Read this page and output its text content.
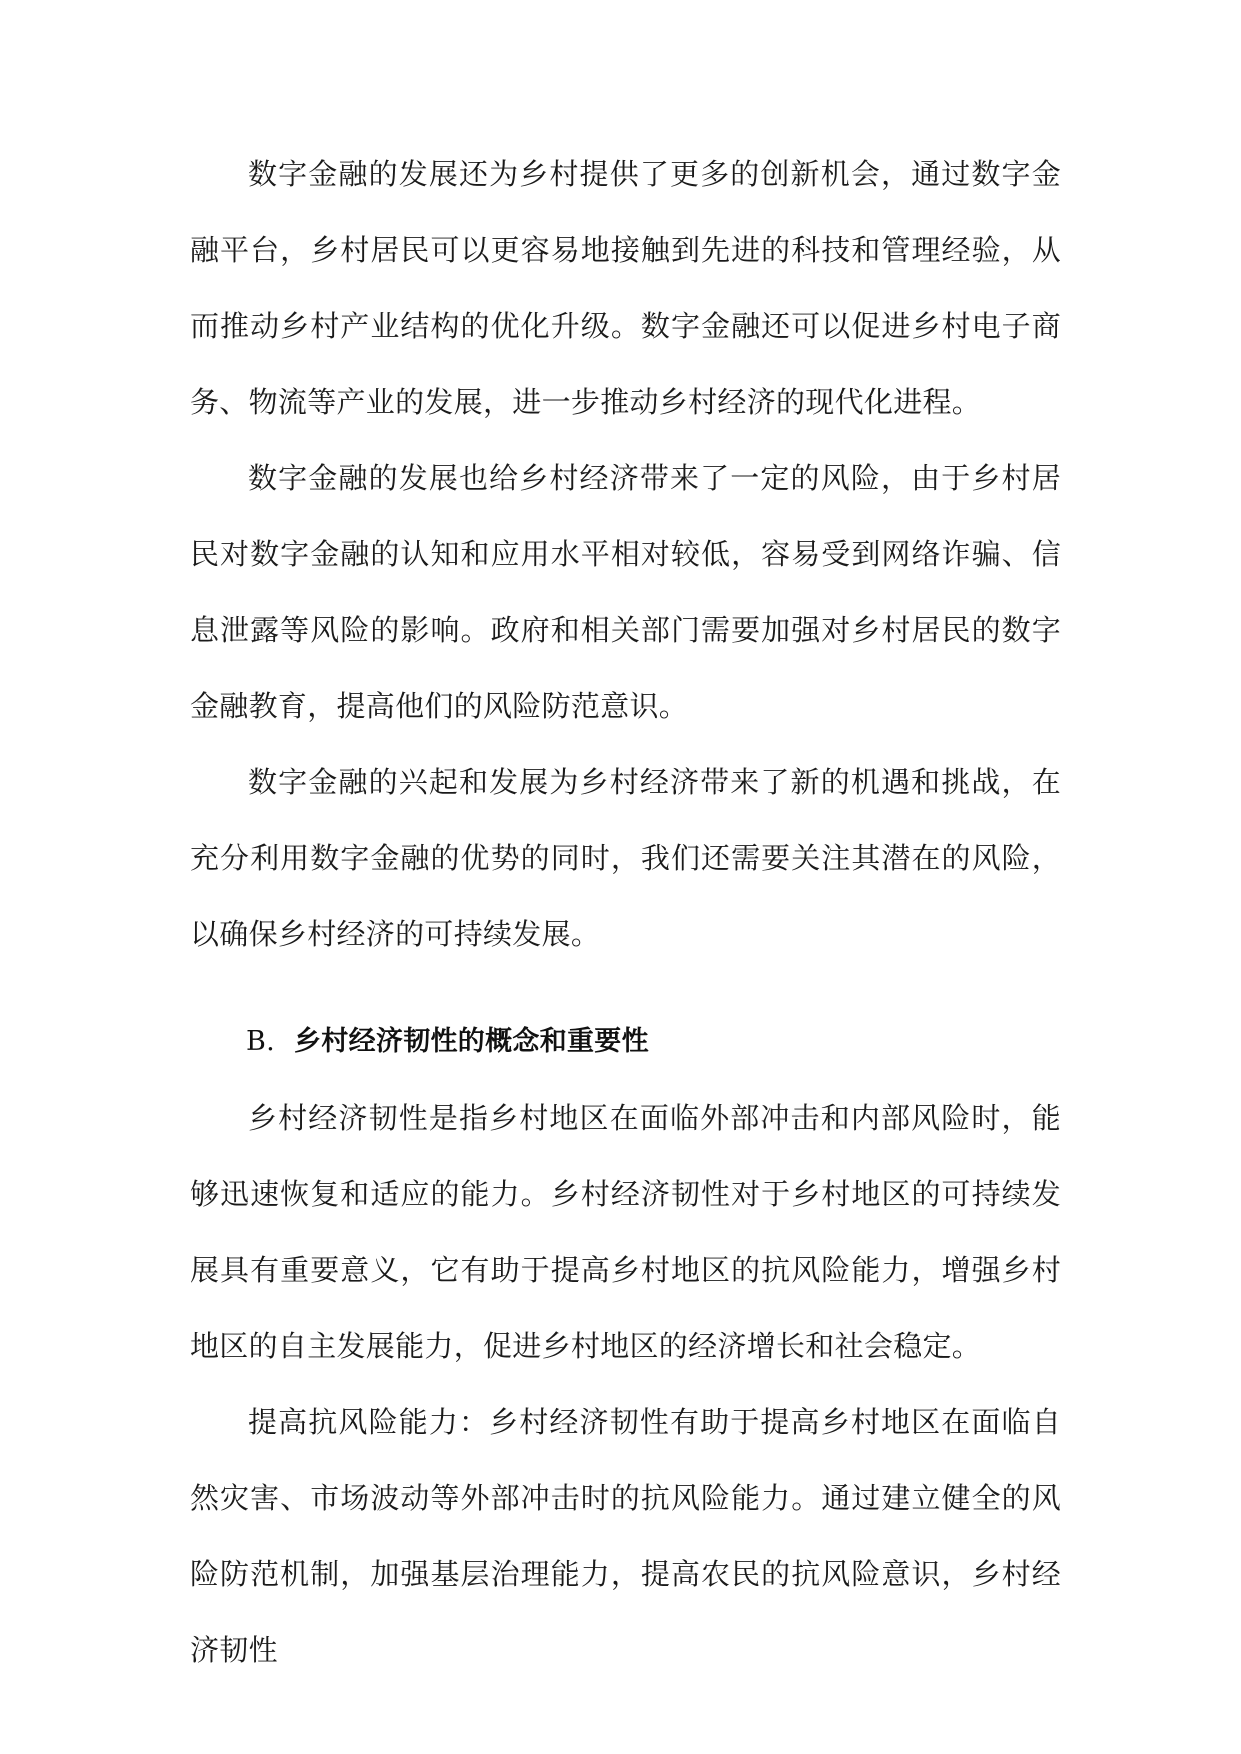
数字金融的发展还为乡村提供了更多的创新机会，通过数字金融平台，乡村居民可以更容易地接触到先进的科技和管理经验，从而推动乡村产业结构的优化升级。数字金融还可以促进乡村电子商务、物流等产业的发展，进一步推动乡村经济的现代化进程。

数字金融的发展也给乡村经济带来了一定的风险，由于乡村居民对数字金融的认知和应用水平相对较低，容易受到网络诈骗、信息泄露等风险的影响。政府和相关部门需要加强对乡村居民的数字金融教育，提高他们的风险防范意识。

数字金融的兴起和发展为乡村经济带来了新的机遇和挑战，在充分利用数字金融的优势的同时，我们还需要关注其潜在的风险，以确保乡村经济的可持续发展。

B. 乡村经济韧性的概念和重要性

乡村经济韧性是指乡村地区在面临外部冲击和内部风险时，能够迅速恢复和适应的能力。乡村经济韧性对于乡村地区的可持续发展具有重要意义，它有助于提高乡村地区的抗风险能力，增强乡村地区的自主发展能力，促进乡村地区的经济增长和社会稳定。

提高抗风险能力：乡村经济韧性有助于提高乡村地区在面临自然灾害、市场波动等外部冲击时的抗风险能力。通过建立健全的风险防范机制，加强基层治理能力，提高农民的抗风险意识，乡村经济韧性
